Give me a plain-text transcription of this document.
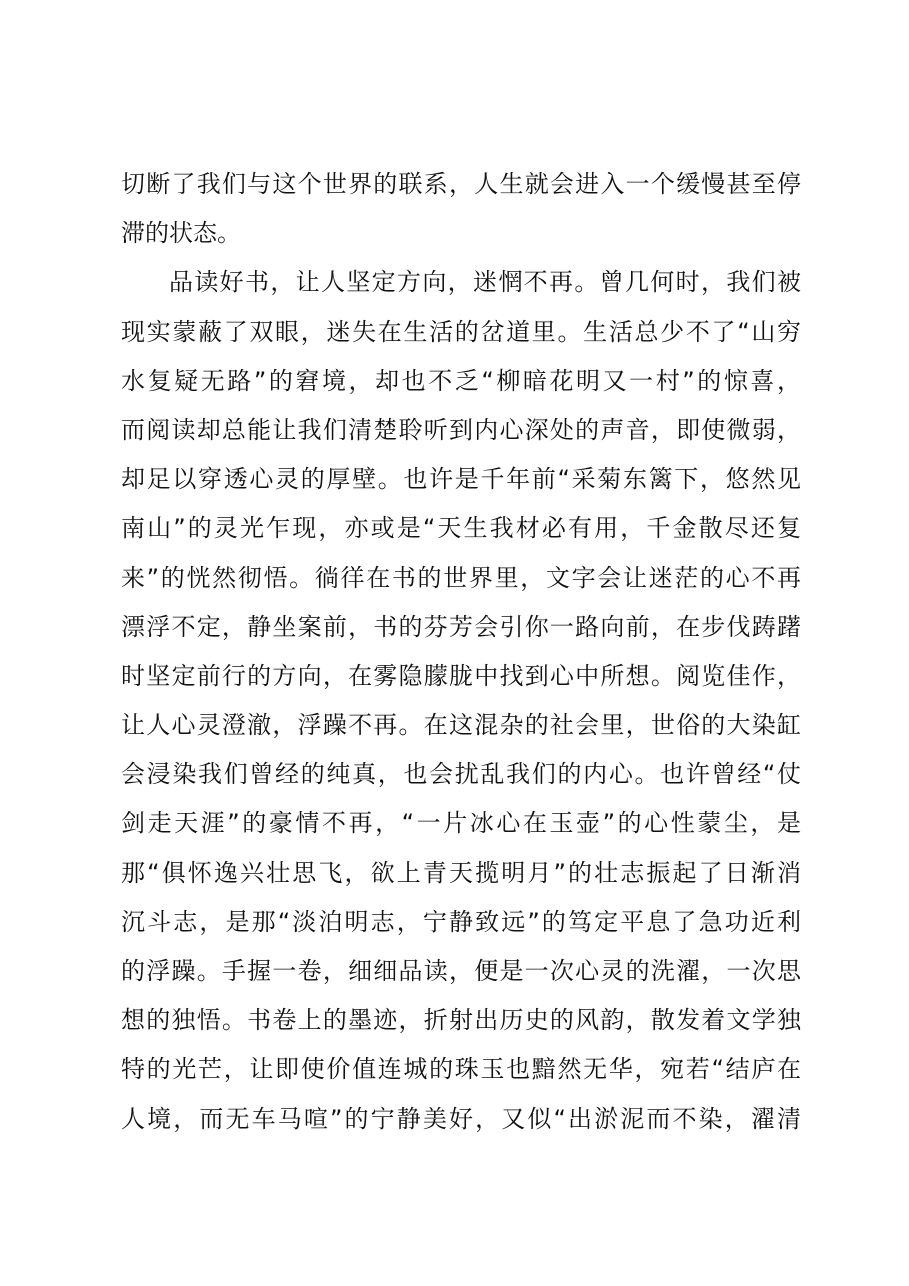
切断了我们与这个世界的联系，人生就会进入一个缓慢甚至停
滞的状态。
品读好书，让人坚定方向，迷惘不再。曾几何时，我们被
现实蒙蔽了双眼，迷失在生活的岔道里。生活总少不了“山穷
水复疑无路”的窘境，却也不乏“柳暗花明又一村”的惊喜，
而阅读却总能让我们清楚聆听到内心深处的声音，即使微弱，
却足以穿透心灵的厚壁。也许是千年前“采菊东篱下，悠然见
南山”的灵光乍现，亦或是“天生我材必有用，千金散尽还复
来”的恍然彻悟。徜徉在书的世界里，文字会让迷茫的心不再
漂浮不定，静坐案前，书的芬芳会引你一路向前，在步伐踌躇
时坚定前行的方向，在雾隐朦胧中找到心中所想。阅览佳作，
让人心灵澄澈，浮躁不再。在这混杂的社会里，世俗的大染缸
会浸染我们曾经的纯真，也会扰乱我们的内心。也许曾经“仗
剑走天涯”的豪情不再，“一片冰心在玉壶”的心性蒙尘，是
那“俱怀逸兴壮思飞，欲上青天揽明月”的壮志振起了日渐消
沉斗志，是那“淡泊明志，宁静致远”的笃定平息了急功近利
的浮躁。手握一卷，细细品读，便是一次心灵的洗濯，一次思
想的独悟。书卷上的墨迹，折射出历史的风韵，散发着文学独
特的光芒，让即使价值连城的珠玉也黯然无华，宛若“结庐在
人境，而无车马喧”的宁静美好，又似“出淤泥而不染，濯清
